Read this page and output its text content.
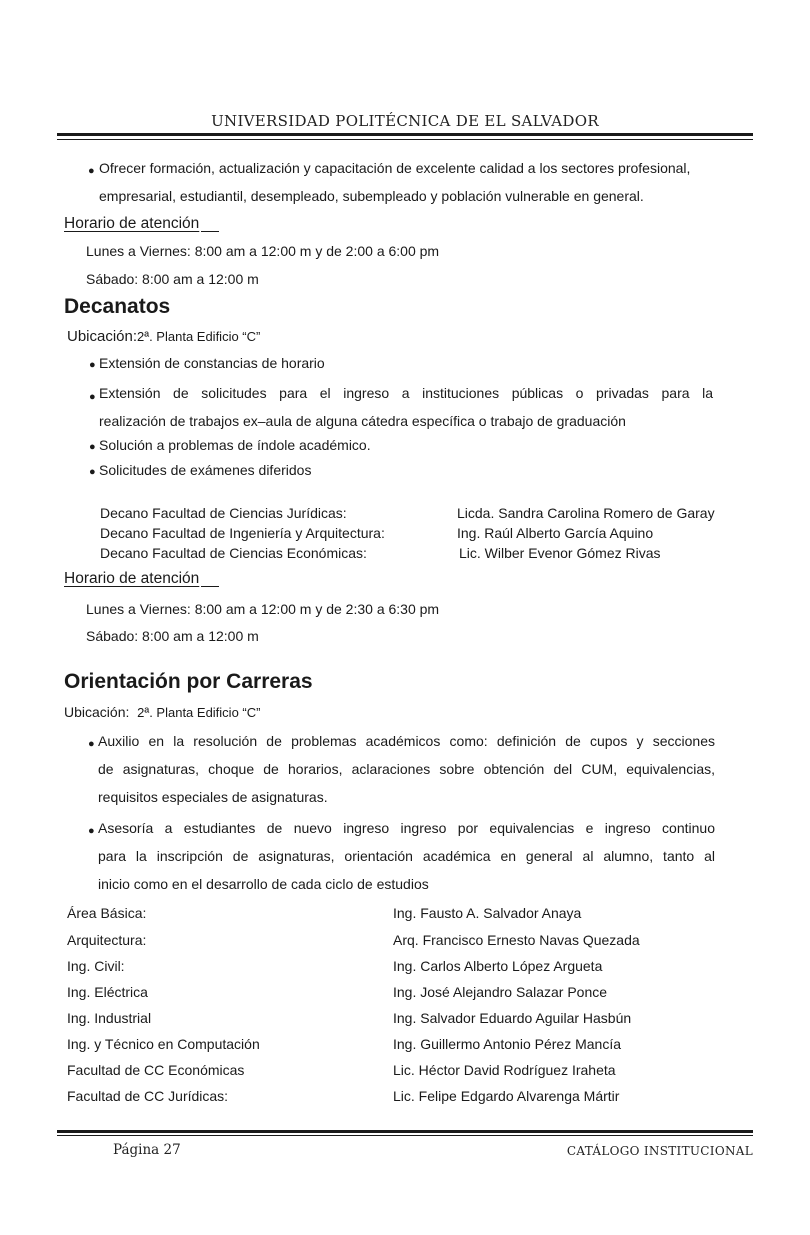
UNIVERSIDAD POLITÉCNICA DE EL SALVADOR
● Ofrecer formación, actualización y capacitación de excelente calidad a los sectores profesional,
empresarial, estudiantil, desempleado, subempleado y población vulnerable en general.
Horario de atención
Lunes a Viernes: 8:00 am a 12:00 m y de 2:00 a 6:00 pm
Sábado: 8:00 am a 12:00 m
Decanatos
Ubicación:2ª. Planta Edificio “C”
● Extensión de constancias de horario
● Extensión de solicitudes para el ingreso a instituciones públicas o privadas para la
realización de trabajos ex–aula de alguna cátedra específica o trabajo de graduación
● Solución a problemas de índole académico.
● Solicitudes de exámenes diferidos
Decano Facultad de Ciencias Jurídicas:	Licda. Sandra Carolina Romero de Garay
Decano Facultad de Ingeniería y Arquitectura:	Ing. Raúl Alberto García Aquino
Decano Facultad de Ciencias Económicas:	Lic. Wilber Evenor Gómez Rivas
Horario de atención
Lunes a Viernes: 8:00 am a 12:00 m y de 2:30 a 6:30 pm
Sábado: 8:00 am a 12:00 m
Orientación por Carreras
Ubicación: 2ª. Planta Edificio “C”
● Auxilio en la resolución de problemas académicos como: definición de cupos y secciones
de asignaturas, choque de horarios, aclaraciones sobre obtención del CUM, equivalencias,
requisitos especiales de asignaturas.
● Asesoría a estudiantes de nuevo ingreso ingreso por equivalencias e ingreso continuo
para la inscripción de asignaturas, orientación académica en general al alumno, tanto al
inicio como en el desarrollo de cada ciclo de estudios
Área Básica:	Ing. Fausto A. Salvador Anaya
Arquitectura:	Arq. Francisco Ernesto Navas Quezada
Ing. Civil:	Ing. Carlos Alberto López Argueta
Ing. Eléctrica	Ing. José Alejandro Salazar Ponce
Ing. Industrial	Ing. Salvador Eduardo Aguilar Hasbún
Ing. y Técnico en Computación	Ing. Guillermo Antonio Pérez Mancía
Facultad de CC Económicas	Lic. Héctor David Rodríguez Iraheta
Facultad de CC Jurídicas:	Lic. Felipe Edgardo Alvarenga Mártir
Página 27	CATÁLOGO INSTITUCIONAL
